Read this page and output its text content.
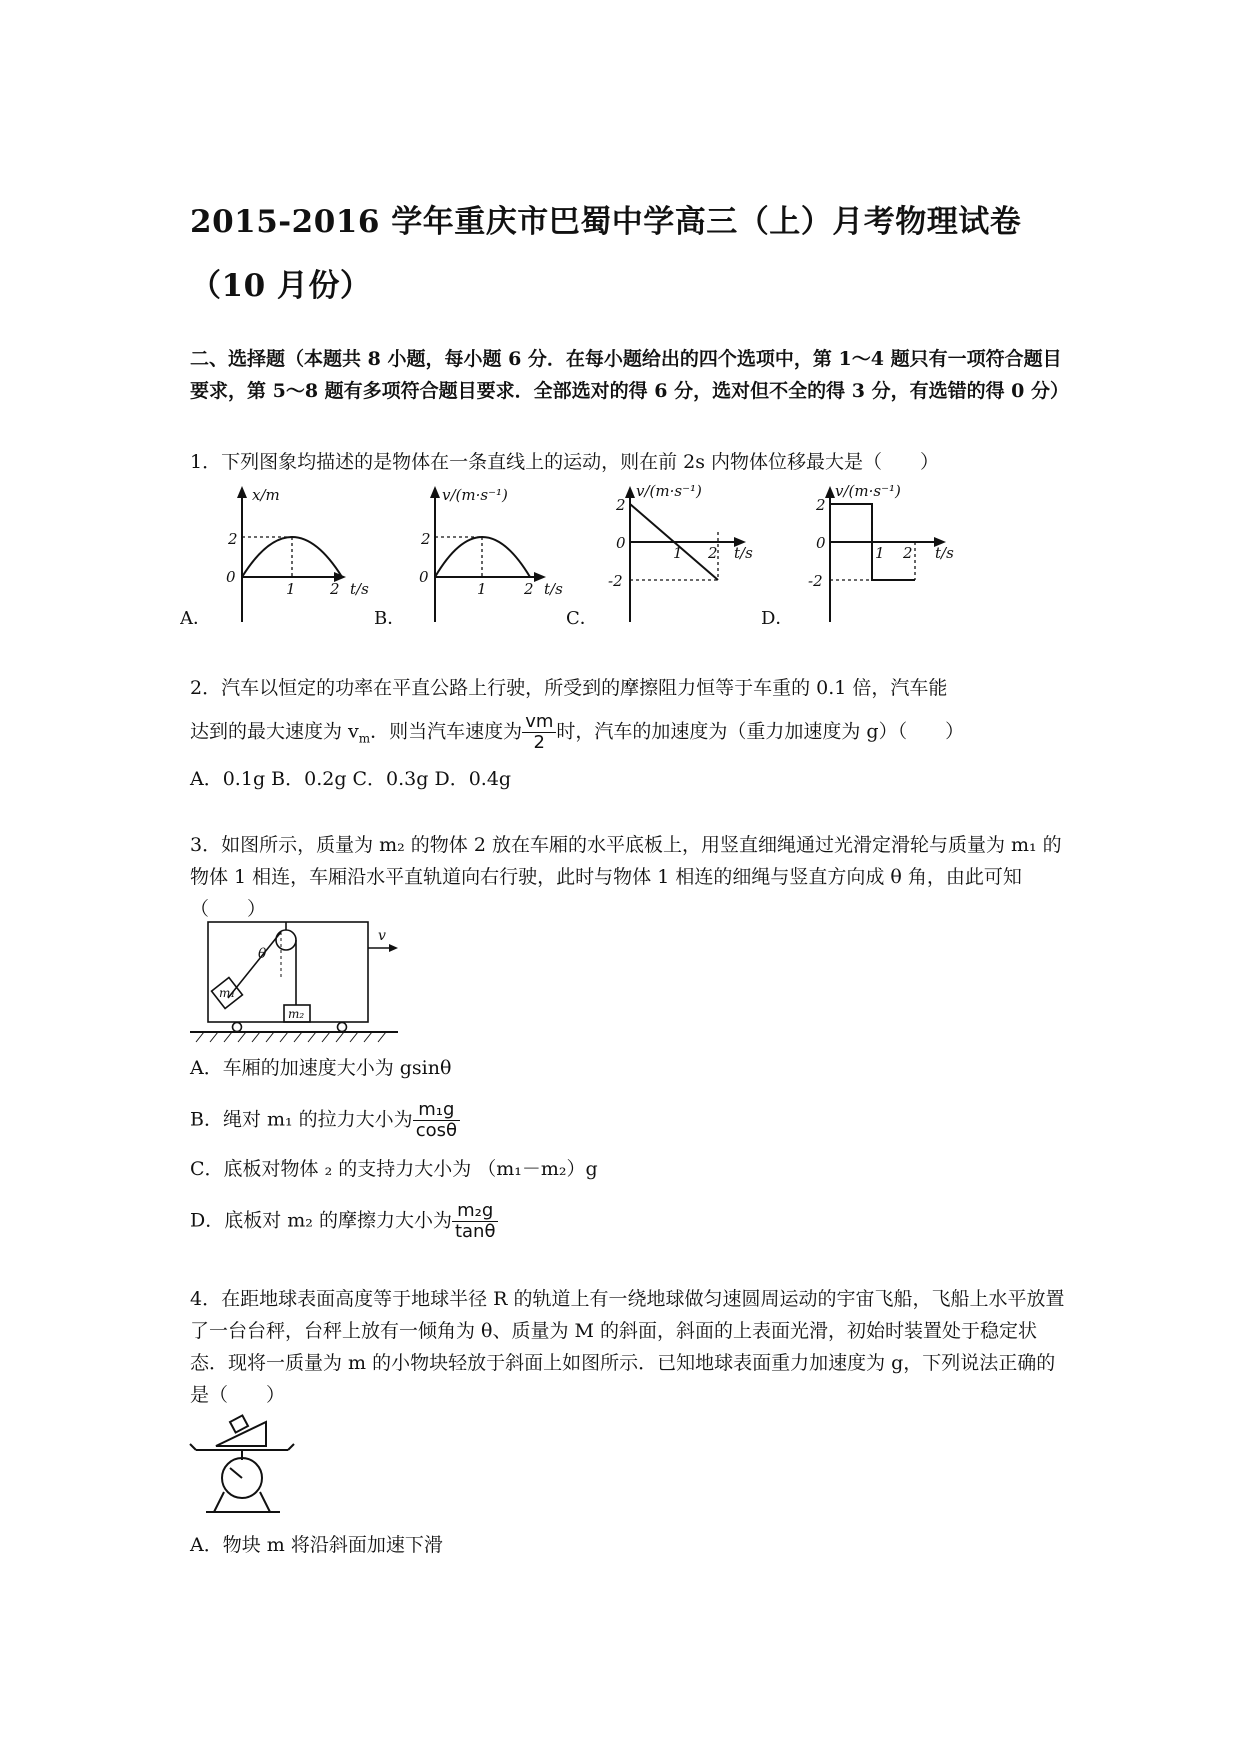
2015-2016 学年重庆市巴蜀中学高三（上）月考物理试卷（10 月份）
二、选择题（本题共 8 小题，每小题 6 分．在每小题给出的四个选项中，第 1～4 题只有一项符合题目要求，第 5～8 题有多项符合题目要求．全部选对的得 6 分，选对但不全的得 3 分，有选错的得 0 分）
1．下列图象均描述的是物体在一条直线上的运动，则在前 2s 内物体位移最大是（　　）
x/m
2
0
1 2 t/s
A．
v/(m·s⁻¹)
2
0
1 2 t/s
B．
v/(m·s⁻¹)
2
0
-2
1 2 t/s
C．
v/(m·s⁻¹)
2
0
-2
1 2 t/s
D．
2．汽车以恒定的功率在平直公路上行驶，所受到的摩擦阻力恒等于车重的 0.1 倍，汽车能
达到的最大速度为 $v_m$．则当汽车速度为 $\frac{vm}{2}$ 时，汽车的加速度为（重力加速度为 g）（　　）
A．0.1g B．0.2g C．0.3g D．0.4g
3．如图所示，质量为 m₂ 的物体 2 放在车厢的水平底板上，用竖直细绳通过光滑定滑轮与质量为 m₁ 的物体 1 相连，车厢沿水平直轨道向右行驶，此时与物体 1 相连的细绳与竖直方向成 θ 角，由此可知（　　）
θ
v
m₁
m₂
A．车厢的加速度大小为 gsinθ
B．绳对 m₁ 的拉力大小为 $\frac{\text{m₁g}}{\cos\theta}$
C．底板对物体 ₂ 的支持力大小为 （m₁－m₂）g
D．底板对 m₂ 的摩擦力大小为 $\frac{\text{m₂g}}{\tan\theta}$
4．在距地球表面高度等于地球半径 R 的轨道上有一绕地球做匀速圆周运动的宇宙飞船，飞船上水平放置了一台台秤，台秤上放有一倾角为 θ、质量为 M 的斜面，斜面的上表面光滑，初始时装置处于稳定状态．现将一质量为 m 的小物块轻放于斜面上如图所示．已知地球表面重力加速度为 g，下列说法正确的是（　　）
A．物块 m 将沿斜面加速下滑
